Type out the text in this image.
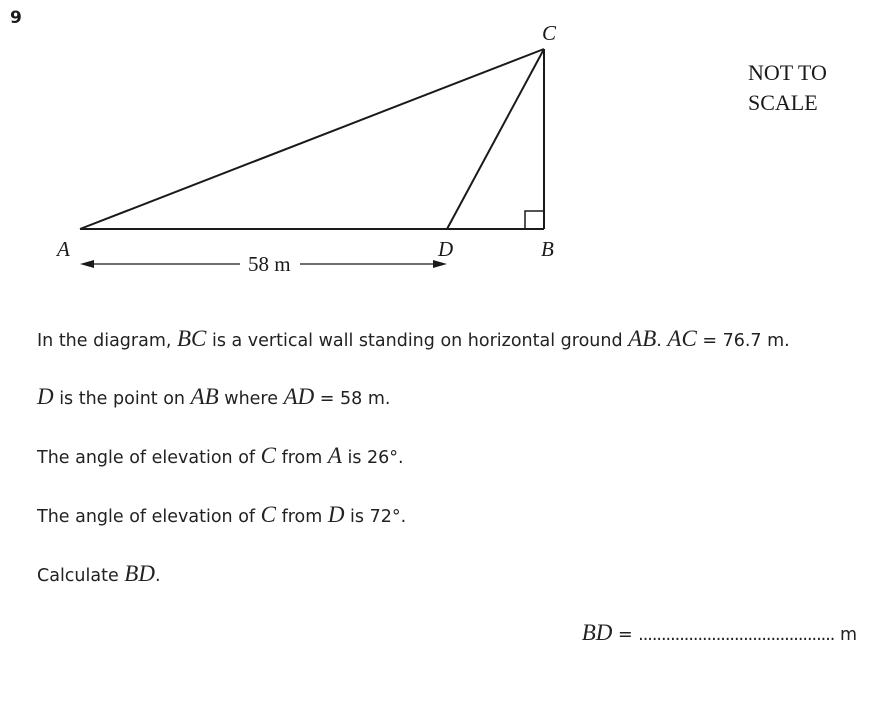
9
A	B
C
D
58 m
NOT TO
SCALE
In the diagram, BC is a vertical wall standing on horizontal ground AB. AC = 76.7 m.
D is the point on AB where AD = 58 m.
The angle of elevation of C from A is 26°.
The angle of elevation of C from D is 72°.
Calculate BD.
BD = ........................................... m
